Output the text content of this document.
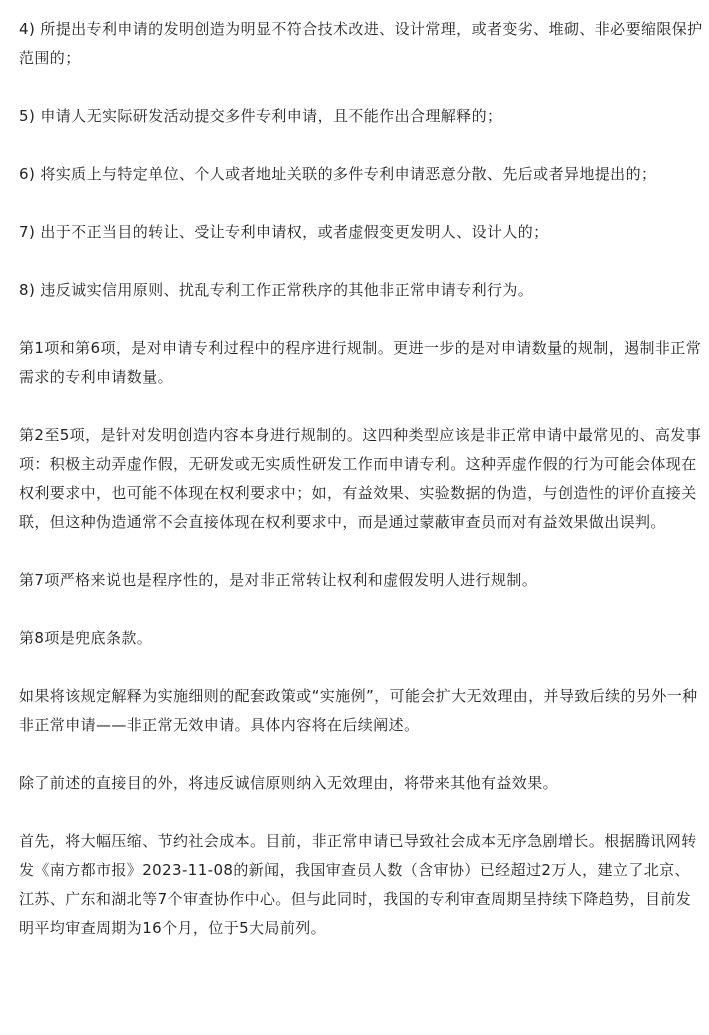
4) 所提出专利申请的发明创造为明显不符合技术改进、设计常理，或者变劣、堆砌、非必要缩限保护范围的；

5) 申请人无实际研发活动提交多件专利申请，且不能作出合理解释的；

6) 将实质上与特定单位、个人或者地址关联的多件专利申请恶意分散、先后或者异地提出的；

7) 出于不正当目的转让、受让专利申请权，或者虚假变更发明人、设计人的；

8) 违反诚实信用原则、扰乱专利工作正常秩序的其他非正常申请专利行为。

第1项和第6项，是对申请专利过程中的程序进行规制。更进一步的是对申请数量的规制，遏制非正常需求的专利申请数量。

第2至5项，是针对发明创造内容本身进行规制的。这四种类型应该是非正常申请中最常见的、高发事项：积极主动弄虚作假，无研发或无实质性研发工作而申请专利。这种弄虚作假的行为可能会体现在权利要求中，也可能不体现在权利要求中；如，有益效果、实验数据的伪造，与创造性的评价直接关联，但这种伪造通常不会直接体现在权利要求中，而是通过蒙蔽审查员而对有益效果做出误判。

第7项严格来说也是程序性的，是对非正常转让权利和虚假发明人进行规制。

第8项是兜底条款。

如果将该规定解释为实施细则的配套政策或“实施例”，可能会扩大无效理由，并导致后续的另外一种非正常申请——非正常无效申请。具体内容将在后续阐述。

除了前述的直接目的外，将违反诚信原则纳入无效理由，将带来其他有益效果。

首先，将大幅压缩、节约社会成本。目前，非正常申请已导致社会成本无序急剧增长。根据腾讯网转发《南方都市报》2023-11-08的新闻，我国审查员人数（含审协）已经超过2万人，建立了北京、江苏、广东和湖北等7个审查协作中心。但与此同时，我国的专利审查周期呈持续下降趋势，目前发明平均审查周期为16个月，位于5大局前列。
